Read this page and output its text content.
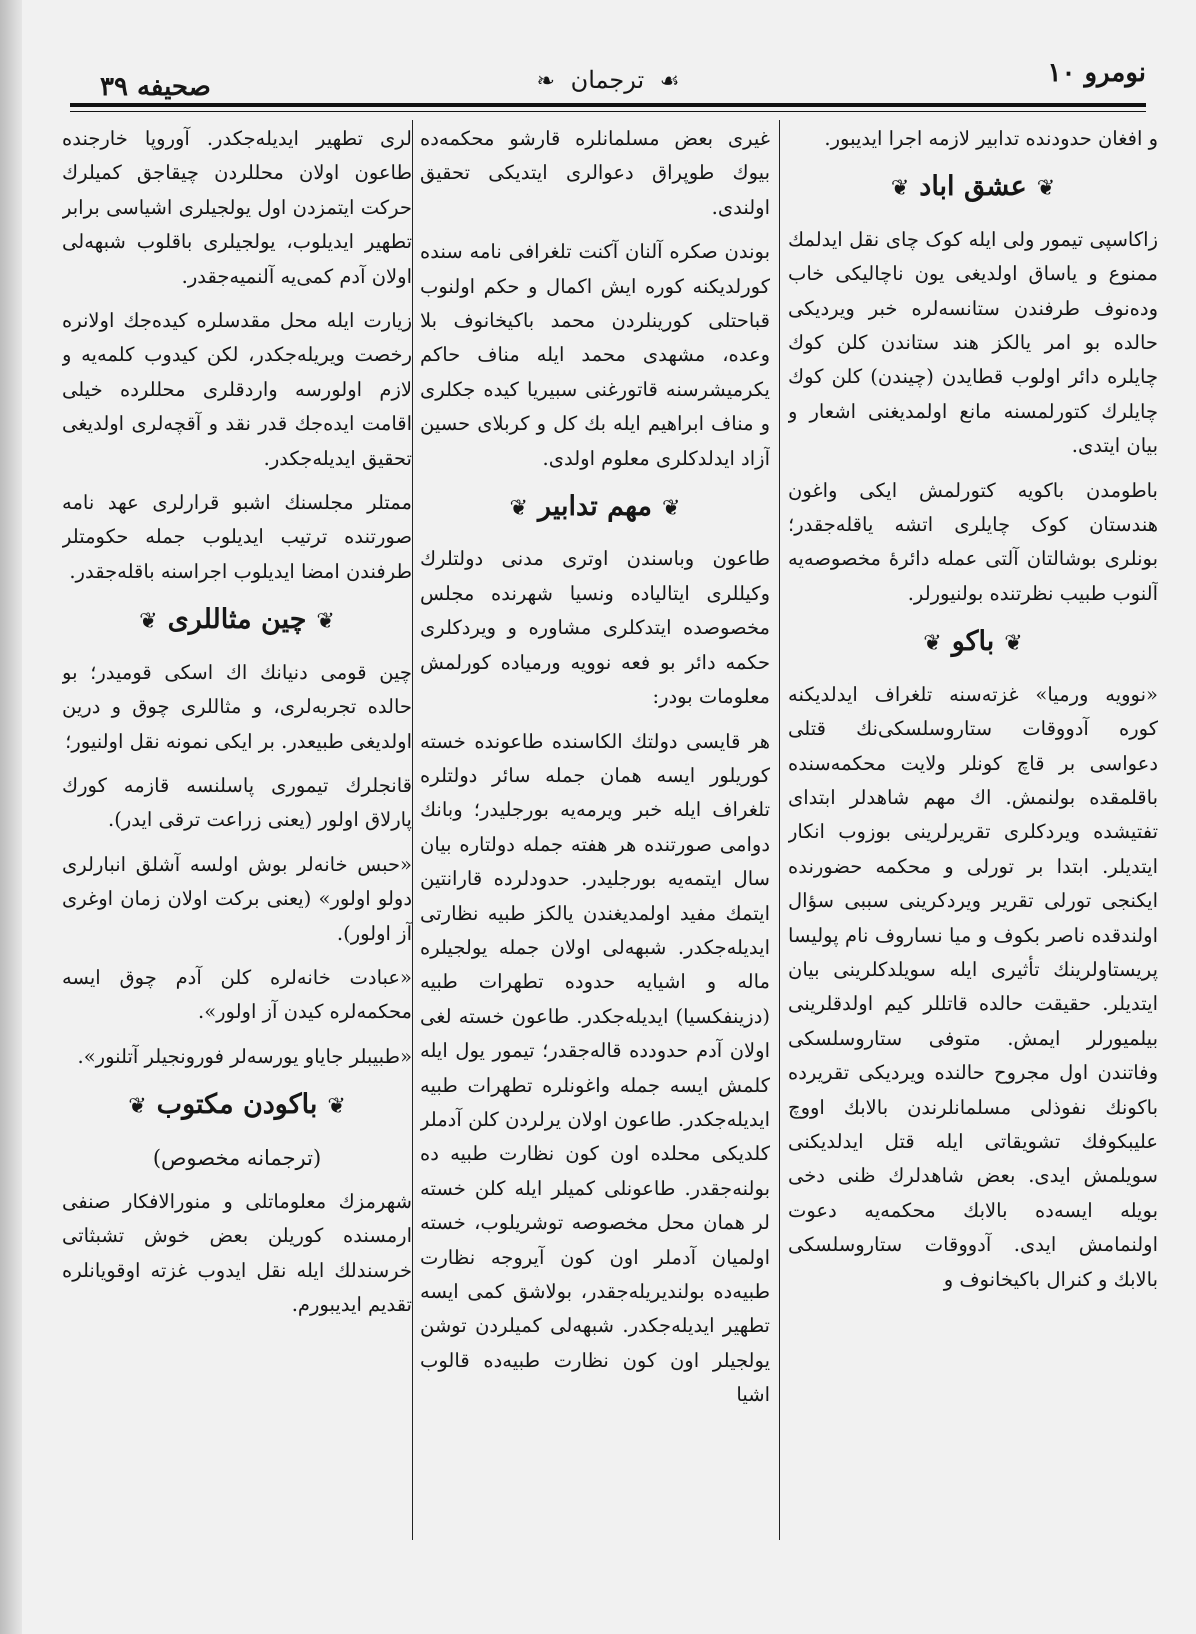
نومرو ۱۰
☙ ترجمان ❧
صحیفه ۳۹

و افغان حدودنده تدابیر لازمه اجرا ایدیبور.

❦عشق اباد❦

زاکاسپی تیمور ولی ایله کوک چای نقل ایدلمك ممنوع و یاساق اولدیغی یون ناچالیکی خاب وده‌نوف طرفندن ستانسه‌لره خبر ویردیکی حالده بو امر یالکز هند ستاندن کلن کوك چایلره دائر اولوب قطایدن (چیندن) کلن کوك چایلرك کتورلمسنه مانع اولمدیغنی اشعار و بیان ایتدی.

باطومدن باکویه کتورلمش ایکی واغون هندستان کوک چایلری اتشه یاقله‌جقدر؛ بونلری بوشالتان آلتی عمله دائرهٔ مخصوصه‌یه آلنوب طبیب نظرتنده بولنیورلر.

❦باکو❦

«نوویه ورمیا» غزته‌سنه تلغراف ایدلدیکنه کوره آدووقات ستاروسلسکی‌نك قتلی دعواسی بر قاچ کونلر ولایت محکمه‌سنده باقلمقده بولنمش. اك مهم شاهدلر ابتدای تفتیشده ویردکلری تقریرلرینی بوزوب انکار ایتدیلر. ابتدا بر تورلی و محکمه حضورنده ایکنجی تورلی تقریر ویردکرینی سببی سؤال اولندقده ناصر بکوف و میا نساروف نام پولیسا پریستاولرینك تأثیری ایله سویلدکلرینی بیان ایتدیلر. حقیقت حالده قاتللر کیم اولدقلرینی بیلمیورلر ایمش. متوفی ستاروسلسکی وفاتندن اول مجروح حالنده ویردیکی تقریرده باکونك نفوذلی مسلمانلرندن بالابك اووچ علیبکوفك تشویقاتی ایله قتل ایدلدیکنی سویلمش ایدی. بعض شاهدلرك ظنی دخی بویله ایسه‌ده بالابك محکمه‌یه دعوت اولنمامش ایدی. آدووقات ستاروسلسکی بالابك و کنرال باکیخانوف و

غیری بعض مسلمانلره قارشو محکمه‌ده بیوك طوپراق دعوالری ایتدیکی تحقیق اولندی.

بوندن صکره آلنان آکنت تلغرافی نامه سنده کورلدیکنه کوره ایش اکمال و حکم اولنوب قباحتلی کورینلردن محمد باکیخانوف بلا وعده، مشهدی محمد ایله مناف حاکم یکرمیشرسنه قاتورغنی سبیریا کیده جکلری و مناف ابراهیم ایله بك کل و کربلای حسین آزاد ایدلدکلری معلوم اولدی.

❦مهم تدابیر❦

طاعون وباسندن اوتری مدنی دولتلرك وکیللری ایتالیاده ونسیا شهرنده مجلس مخصوصده ایتدکلری مشاوره و ویردکلری حکمه دائر بو فعه نوویه ورمیاده کورلمش معلومات بودر:

هر قایسی دولتك الکاسنده طاعونده خسته کوریلور ایسه همان جمله سائر دولتلره تلغراف ایله خبر ویرمه‌یه بورجلیدر؛ وبانك دوامی صورتنده هر هفته جمله دولتاره بیان سال ایتمه‌یه بورجلیدر. حدودلرده قارانتین ایتمك مفید اولمدیغندن یالکز طبیه نظارتی ایدیله‌جکدر. شبهه‌لی اولان جمله یولجیلره ماله و اشیایه حدوده تطهرات طبیه (دزینفکسیا) ایدیله‌جکدر. طاعون خسته لغی اولان آدم حدودده قاله‌جقدر؛ تیمور یول ایله کلمش ایسه جمله واغونلره تطهرات طبیه ایدیله‌جکدر. طاعون اولان یرلردن کلن آدملر کلدیکی محلده اون کون نظارت طبیه ده بولنه‌جقدر. طاعونلی کمیلر ایله کلن خسته لر همان محل مخصوصه توشریلوب، خسته اولمیان آدملر اون کون آیروجه نظارت طبیه‌ده بولندیریله‌جقدر، بولاشق کمی ایسه تطهیر ایدیله‌جکدر. شبهه‌لی کمیلردن توشن یولجیلر اون کون نظارت طبیه‌ده قالوب اشیا

لری تطهیر ایدیله‌جکدر. آوروپا خارجنده طاعون اولان محللردن چیقاجق کمیلرك حرکت ایتمزدن اول یولجیلری اشیاسی برابر تطهیر ایدیلوب، یولجیلری باقلوب شبهه‌لی اولان آدم کمی‌یه آلنمیه‌جقدر.

زیارت ایله محل مقدسلره کیده‌جك اولانره رخصت ویریله‌جکدر، لکن کیدوب کلمه‌یه و لازم اولورسه واردقلری محللرده خیلی اقامت ایده‌جك قدر نقد و آقچه‌لری اولدیغی تحقیق ایدیله‌جکدر.

ممتلر مجلسنك اشبو قرارلری عهد نامه صورتنده ترتیب ایدیلوب جمله حکومتلر طرفندن امضا ایدیلوب اجراسنه باقله‌جقدر.

❦چین مثاللری❦

چین قومی دنیانك اك اسکی قومیدر؛ بو حالده تجربه‌لری، و مثاللری چوق و درین اولدیغی طبیعدر. بر ایکی نمونه نقل اولنیور؛

قانجلرك تیموری پاسلنسه قازمه کورك پارلاق اولور (یعنی زراعت ترقی ایدر).

«حبس خانه‌لر بوش اولسه آشلق انبارلری دولو اولور» (یعنی برکت اولان زمان اوغری آز اولور).

«عبادت خانه‌لره کلن آدم چوق ایسه محکمه‌لره کیدن آز اولور».

«طبیبلر جایاو یورسه‌لر فورونجیلر آتلنور».

❦باکودن مکتوب❦
(ترجمانه مخصوص)

شهرمزك معلوماتلی و منورالافکار صنفی ارمسنده کوریلن بعض خوش تشبثاتی خرسندلك ایله نقل ایدوب غزته اوقویانلره تقدیم ایدیبورم.
